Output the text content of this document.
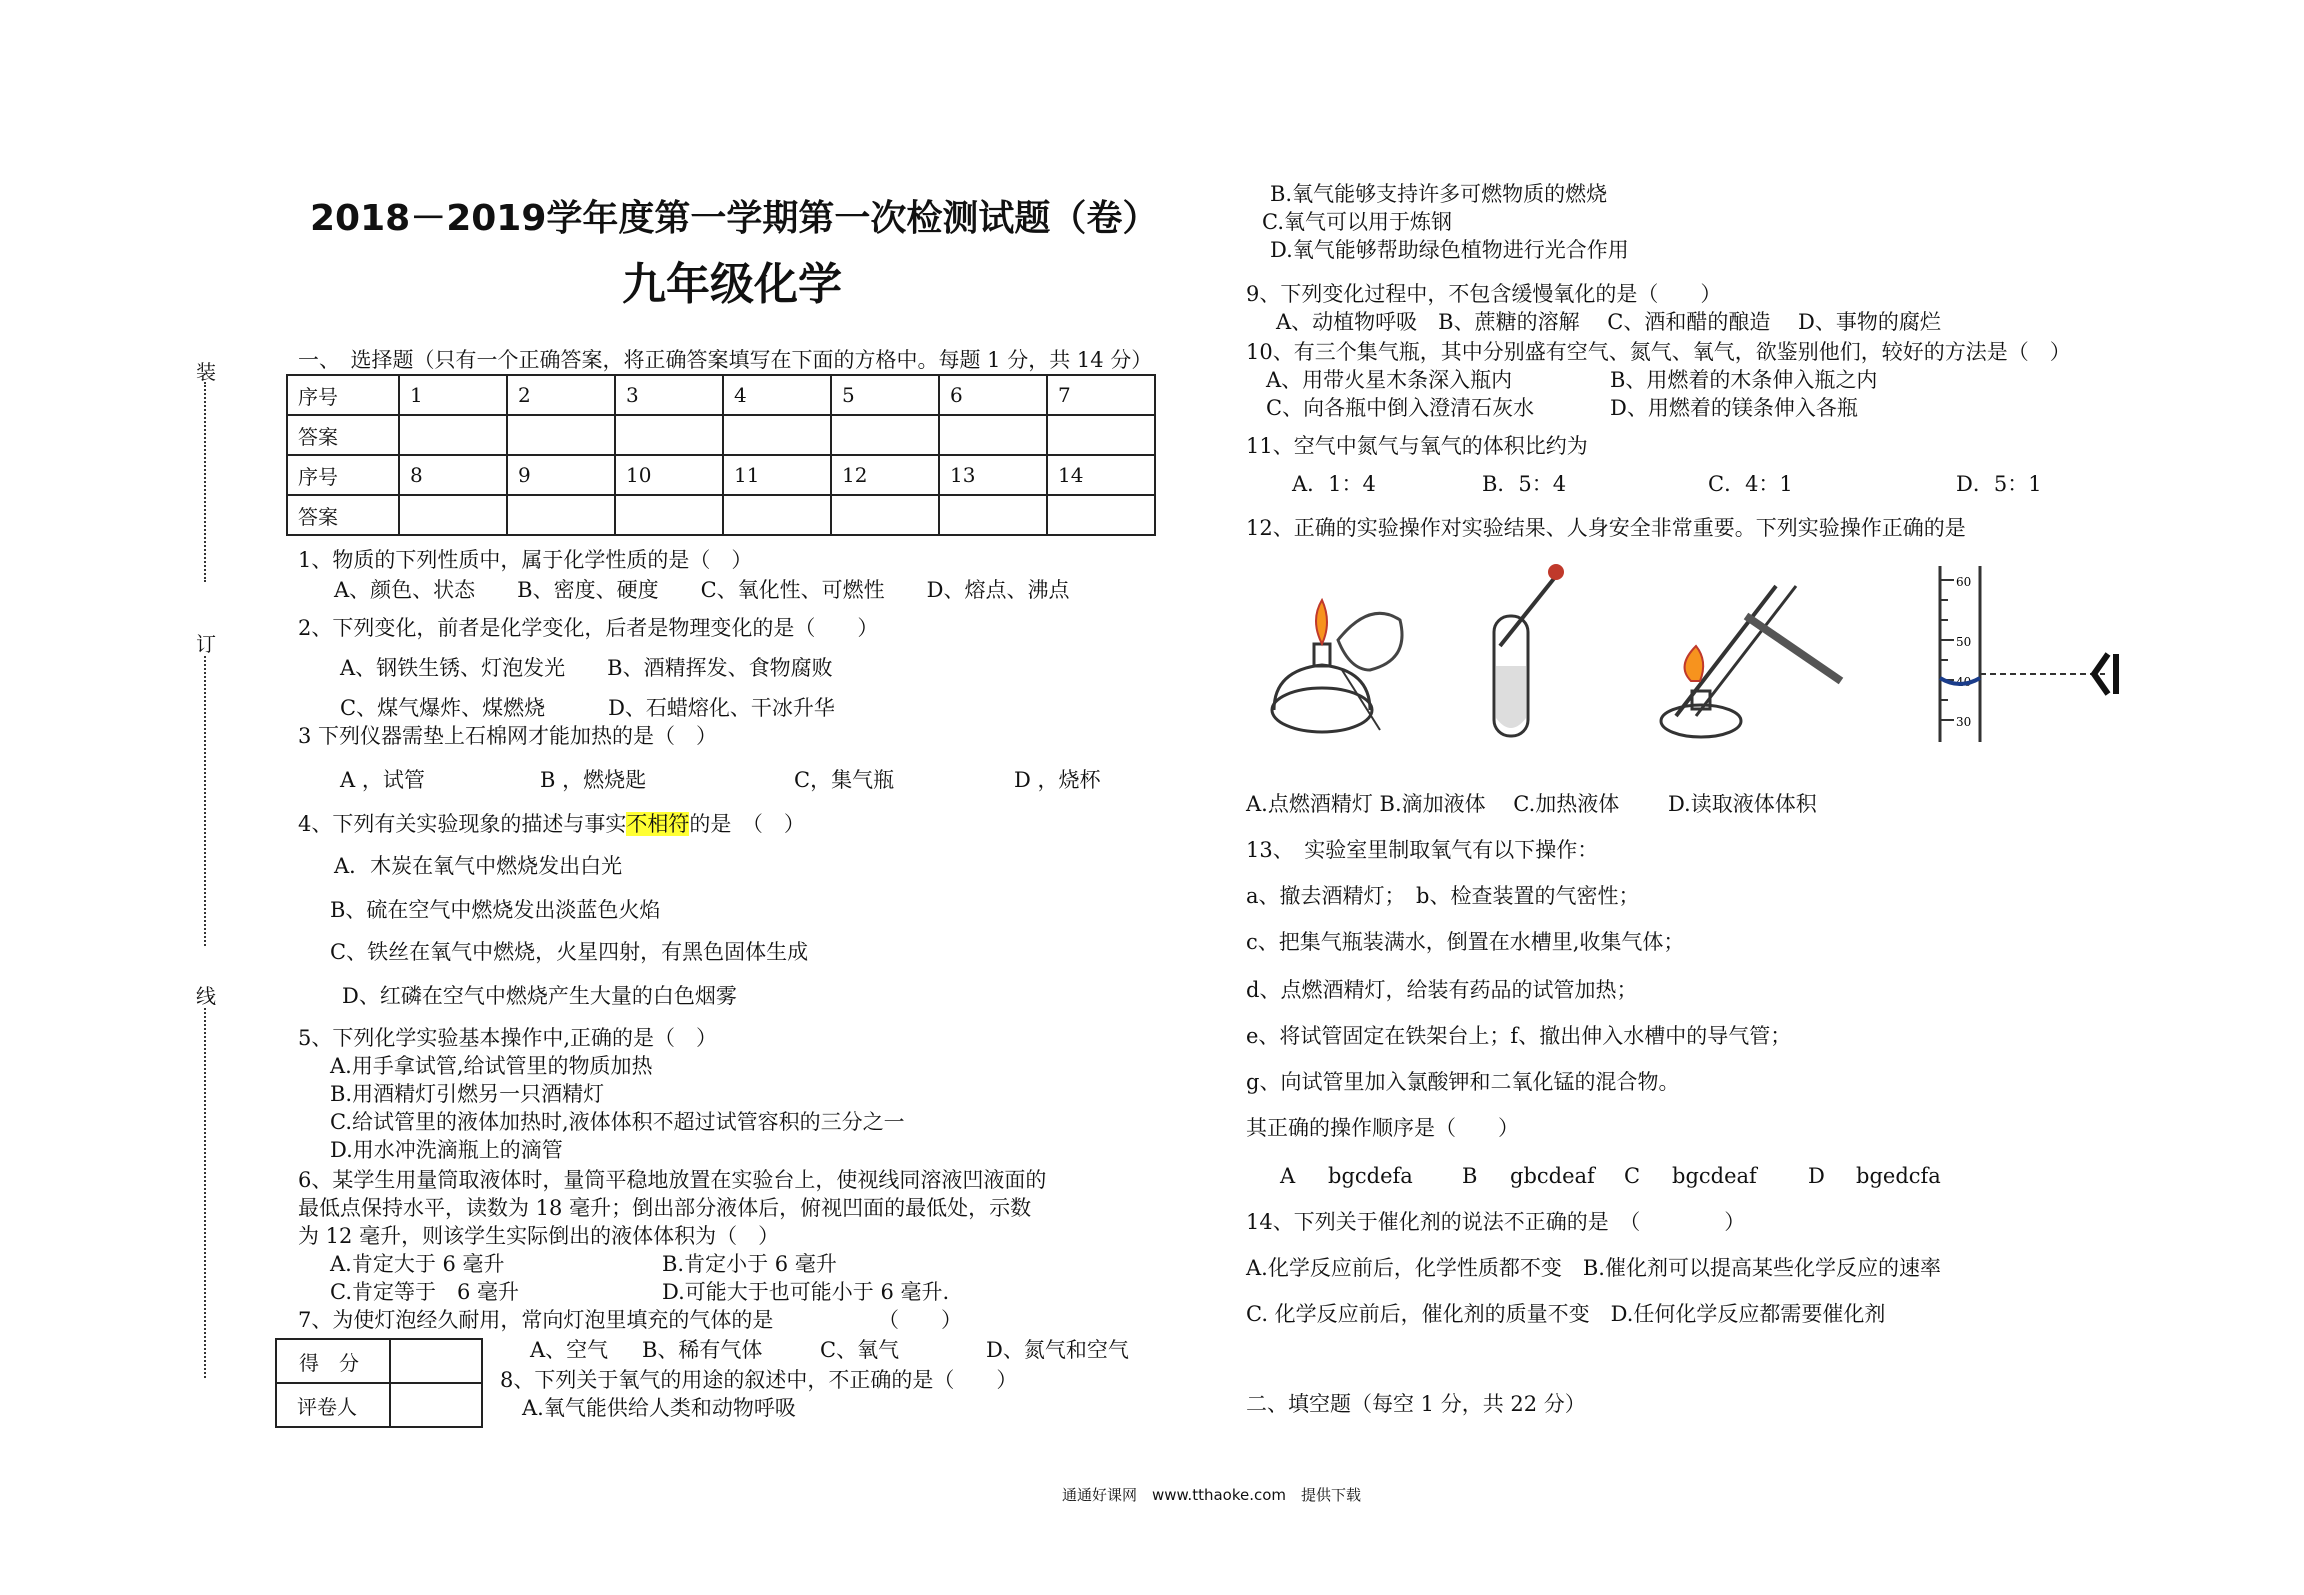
装
订
线
2018－2019学年度第一学期第一次检测试题（卷）
九年级化学
一、　选择题（只有一个正确答案，将正确答案填写在下面的方格中。每题 1 分，共 14 分）
序号	1	2	3	4	5	6	7
答案							
序号	8	9	10	11	12	13	14
答案							
1、物质的下列性质中，属于化学性质的是（　）
A、颜色、状态　　B、密度、硬度　　C、氧化性、可燃性　　D、熔点、沸点
2、下列变化，前者是化学变化，后者是物理变化的是（　　）
A、钢铁生锈、灯泡发光　　B、酒精挥发、食物腐败
C、煤气爆炸、煤燃烧　　　D、石蜡熔化、干冰升华
3 下列仪器需垫上石棉网才能加热的是（　）
A ，试管	B ，燃烧匙	C，集气瓶	D ，烧杯
4、下列有关实验现象的描述与事实不相符的是　（　）
A．木炭在氧气中燃烧发出白光
B、硫在空气中燃烧发出淡蓝色火焰
C、铁丝在氧气中燃烧，火星四射，有黑色固体生成
D、红磷在空气中燃烧产生大量的白色烟雾
5、下列化学实验基本操作中,正确的是（　）
A.用手拿试管,给试管里的物质加热
B.用酒精灯引燃另一只酒精灯
C.给试管里的液体加热时,液体体积不超过试管容积的三分之一
D.用水冲洗滴瓶上的滴管
6、某学生用量筒取液体时，量筒平稳地放置在实验台上，使视线同溶液凹液面的
最低点保持水平，读数为 18 毫升；倒出部分液体后，俯视凹面的最低处，示数
为 12 毫升，则该学生实际倒出的液体体积为（　）
A.肯定大于 6 毫升	B.肯定小于 6 毫升
C.肯定等于　6 毫升	D.可能大于也可能小于 6 毫升.
7、为使灯泡经久耐用，常向灯泡里填充的气体的是	（　　）
A、空气 B、稀有气体	C、氧气	D、氮气和空气
得　分	
评卷人	
8、下列关于氧气的用途的叙述中，不正确的是（　　）
A.氧气能供给人类和动物呼吸
B.氧气能够支持许多可燃物质的燃烧
C.氧气可以用于炼钢
D.氧气能够帮助绿色植物进行光合作用
9、下列变化过程中，不包含缓慢氧化的是（　　）
A、动植物呼吸　B、蔗糖的溶解　 C、酒和醋的酿造　 D、事物的腐烂
10、有三个集气瓶，其中分别盛有空气、氮气、氧气，欲鉴别他们，较好的方法是（　）
A、用带火星木条深入瓶内	B、用燃着的木条伸入瓶之内
C、向各瓶中倒入澄清石灰水	D、用燃着的镁条伸入各瓶
11、空气中氮气与氧气的体积比约为
A．1：4	B．5：4	C．4：1	D．5：1
12、正确的实验操作对实验结果、人身安全非常重要。下列实验操作正确的是
60
50
40
30
A.点燃酒精灯 B.滴加液体　 C.加热液体　　 D.读取液体体积
13、　实验室里制取氧气有以下操作：
a、撤去酒精灯；　b、检查装置的气密性；
c、把集气瓶装满水，倒置在水槽里,收集气体；
d、点燃酒精灯，给装有药品的试管加热；
e、将试管固定在铁架台上；f、撤出伸入水槽中的导气管；
g、向试管里加入氯酸钾和二氧化锰的混合物。
其正确的操作顺序是（　　）
A bgcdefa B gbcdeaf C bgcdeaf D bgedcfa
14、下列关于催化剂的说法不正确的是　（　　　　）
A.化学反应前后，化学性质都不变　B.催化剂可以提高某些化学反应的速率
C. 化学反应前后，催化剂的质量不变　D.任何化学反应都需要催化剂
二、填空题（每空 1 分，共 22 分）
通通好课网　www.tthaoke.com　提供下载
